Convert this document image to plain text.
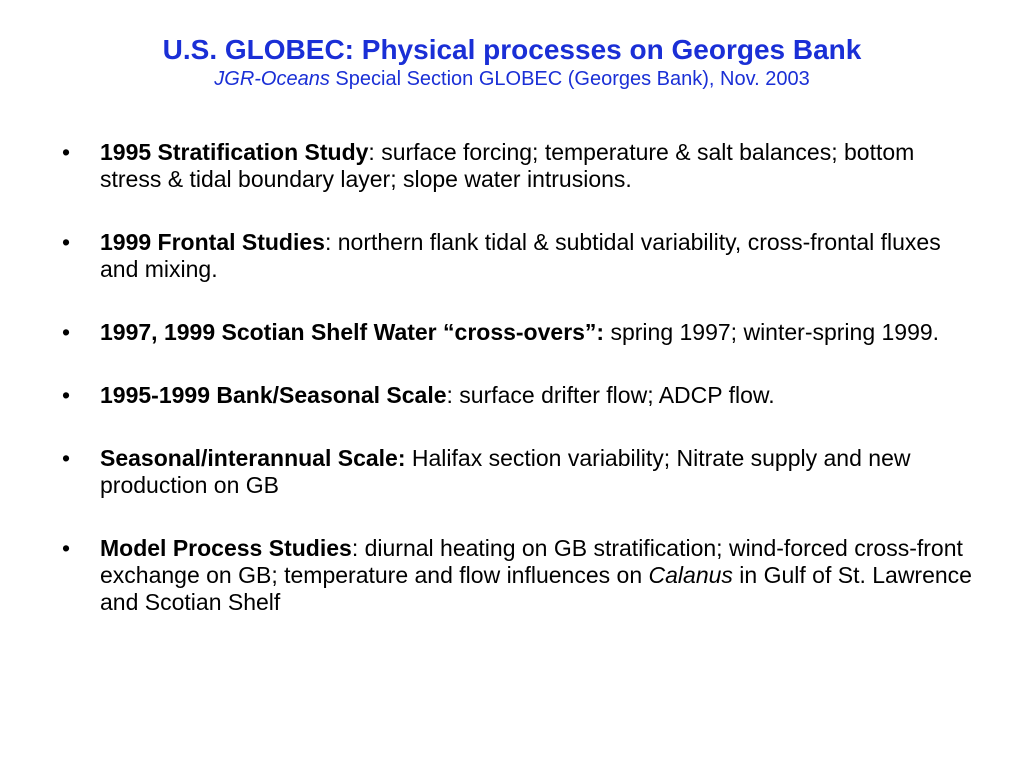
U.S. GLOBEC: Physical processes on Georges Bank
JGR-Oceans Special Section GLOBEC (Georges Bank), Nov. 2003
• 1995 Stratification Study: surface forcing; temperature & salt balances; bottom stress & tidal boundary layer; slope water intrusions.
• 1999 Frontal Studies: northern flank tidal & subtidal variability, cross-frontal fluxes and mixing.
• 1997, 1999 Scotian Shelf Water “cross-overs”: spring 1997; winter-spring 1999.
• 1995-1999 Bank/Seasonal Scale: surface drifter flow; ADCP flow.
• Seasonal/interannual Scale: Halifax section variability; Nitrate supply and new production on GB
• Model Process Studies: diurnal heating on GB stratification; wind-forced cross-front exchange on GB; temperature and flow influences on Calanus in Gulf of St. Lawrence and Scotian Shelf
